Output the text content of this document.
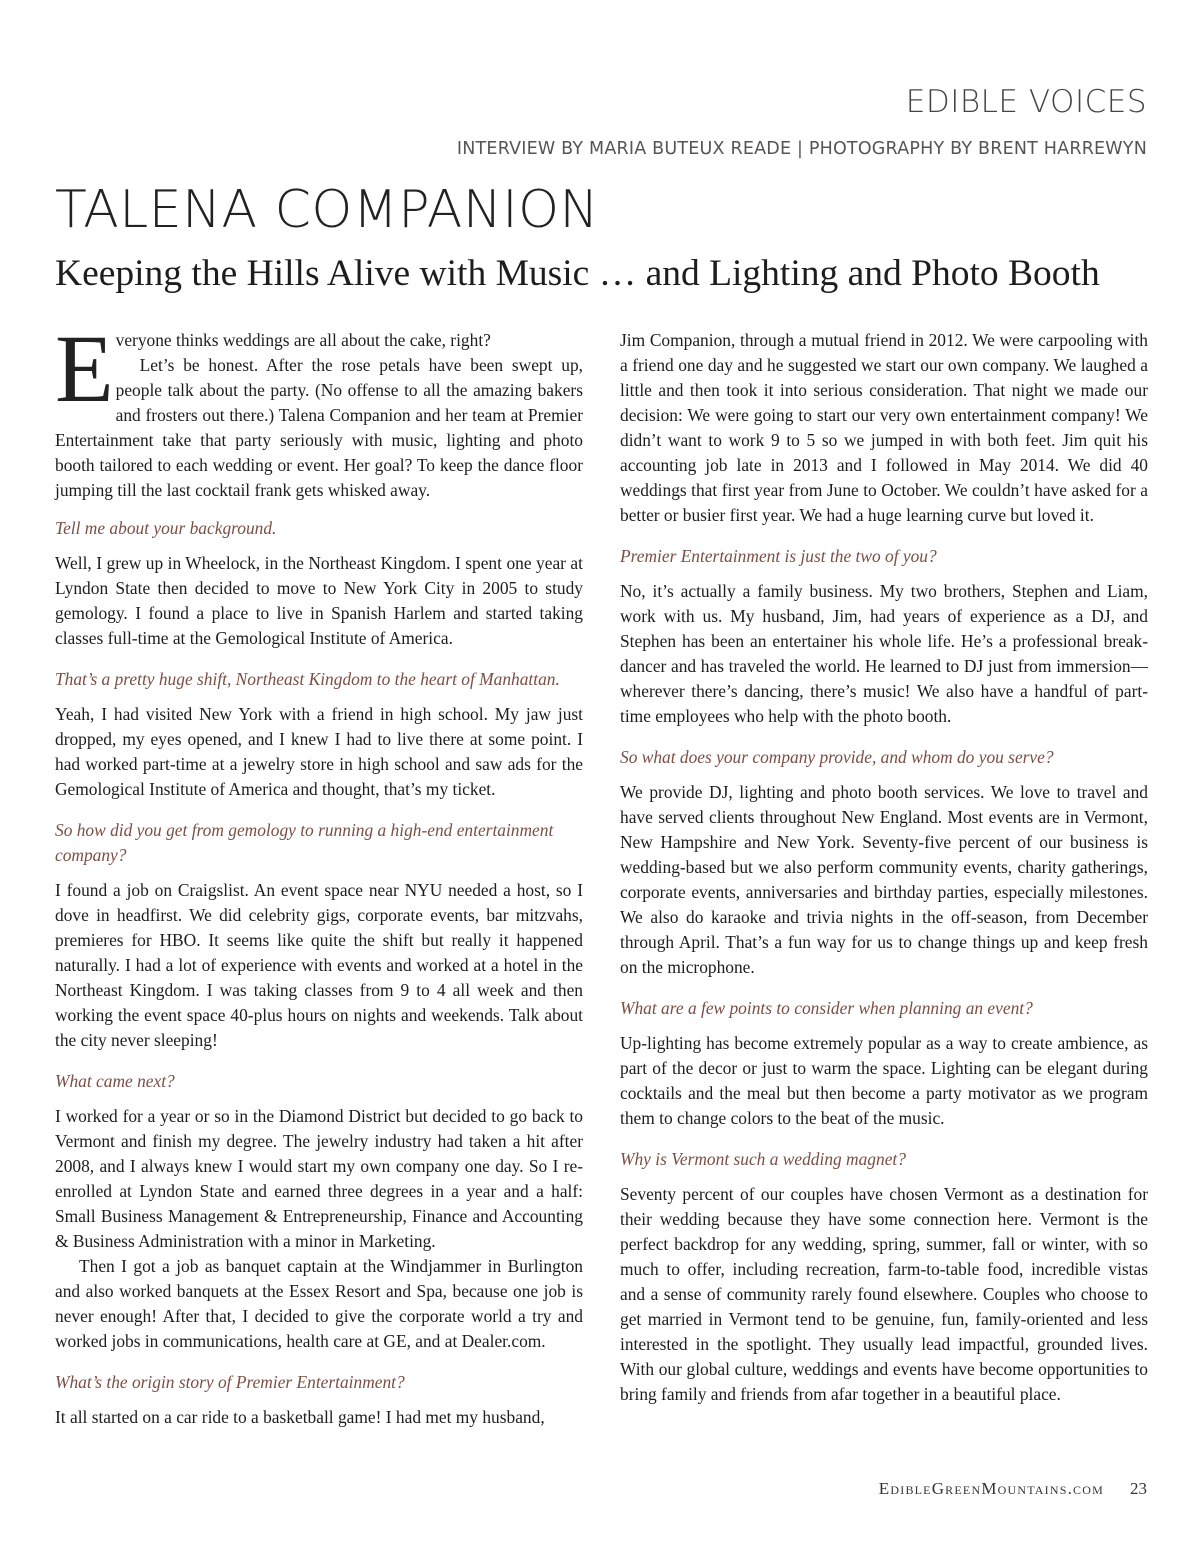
EDIBLE VOICES
INTERVIEW BY MARIA BUTEUX READE | PHOTOGRAPHY BY BRENT HARREWYN
TALENA COMPANION
Keeping the Hills Alive with Music … and Lighting and Photo Booth

Everyone thinks weddings are all about the cake, right?

Let’s be honest. After the rose petals have been swept up, people talk about the party. (No offense to all the amazing bakers and frosters out there.) Talena Companion and her team at Premier Entertainment take that party seriously with music, lighting and photo booth tailored to each wedding or event. Her goal? To keep the dance floor jumping till the last cocktail frank gets whisked away.

Tell me about your background.

Well, I grew up in Wheelock, in the Northeast Kingdom. I spent one year at Lyndon State then decided to move to New York City in 2005 to study gemology. I found a place to live in Spanish Harlem and started taking classes full-time at the Gemological Institute of America.

That’s a pretty huge shift, Northeast Kingdom to the heart of Manhattan.

Yeah, I had visited New York with a friend in high school. My jaw just dropped, my eyes opened, and I knew I had to live there at some point. I had worked part-time at a jewelry store in high school and saw ads for the Gemological Institute of America and thought, that’s my ticket.

So how did you get from gemology to running a high-end entertainment company?

I found a job on Craigslist. An event space near NYU needed a host, so I dove in headfirst. We did celebrity gigs, corporate events, bar mitzvahs, premieres for HBO. It seems like quite the shift but really it happened naturally. I had a lot of experience with events and worked at a hotel in the Northeast Kingdom. I was taking classes from 9 to 4 all week and then working the event space 40-plus hours on nights and weekends. Talk about the city never sleeping!

What came next?

I worked for a year or so in the Diamond District but decided to go back to Vermont and finish my degree. The jewelry industry had taken a hit after 2008, and I always knew I would start my own company one day. So I re-enrolled at Lyndon State and earned three degrees in a year and a half: Small Business Management & Entrepreneurship, Finance and Accounting & Business Administration with a minor in Marketing.

Then I got a job as banquet captain at the Windjammer in Burlington and also worked banquets at the Essex Resort and Spa, because one job is never enough! After that, I decided to give the corporate world a try and worked jobs in communications, health care at GE, and at Dealer.com.

What’s the origin story of Premier Entertainment?

It all started on a car ride to a basketball game! I had met my husband,

Jim Companion, through a mutual friend in 2012. We were carpooling with a friend one day and he suggested we start our own company. We laughed a little and then took it into serious consideration. That night we made our decision: We were going to start our very own entertainment company! We didn’t want to work 9 to 5 so we jumped in with both feet. Jim quit his accounting job late in 2013 and I followed in May 2014. We did 40 weddings that first year from June to October. We couldn’t have asked for a better or busier first year. We had a huge learning curve but loved it.

Premier Entertainment is just the two of you?

No, it’s actually a family business. My two brothers, Stephen and Liam, work with us. My husband, Jim, had years of experience as a DJ, and Stephen has been an entertainer his whole life. He’s a professional break-dancer and has traveled the world. He learned to DJ just from immersion—wherever there’s dancing, there’s music! We also have a handful of part-time employees who help with the photo booth.

So what does your company provide, and whom do you serve?

We provide DJ, lighting and photo booth services. We love to travel and have served clients throughout New England. Most events are in Vermont, New Hampshire and New York. Seventy-five percent of our business is wedding-based but we also perform community events, charity gatherings, corporate events, anniversaries and birthday parties, especially milestones. We also do karaoke and trivia nights in the off-season, from December through April. That’s a fun way for us to change things up and keep fresh on the microphone.

What are a few points to consider when planning an event?

Up-lighting has become extremely popular as a way to create ambience, as part of the decor or just to warm the space. Lighting can be elegant during cocktails and the meal but then become a party motivator as we program them to change colors to the beat of the music.

Why is Vermont such a wedding magnet?

Seventy percent of our couples have chosen Vermont as a destination for their wedding because they have some connection here. Vermont is the perfect backdrop for any wedding, spring, summer, fall or winter, with so much to offer, including recreation, farm-to-table food, incredible vistas and a sense of community rarely found elsewhere. Couples who choose to get married in Vermont tend to be genuine, fun, family-oriented and less interested in the spotlight. They usually lead impactful, grounded lives. With our global culture, weddings and events have become opportunities to bring family and friends from afar together in a beautiful place.

EdibleGreenMountains.com 23
